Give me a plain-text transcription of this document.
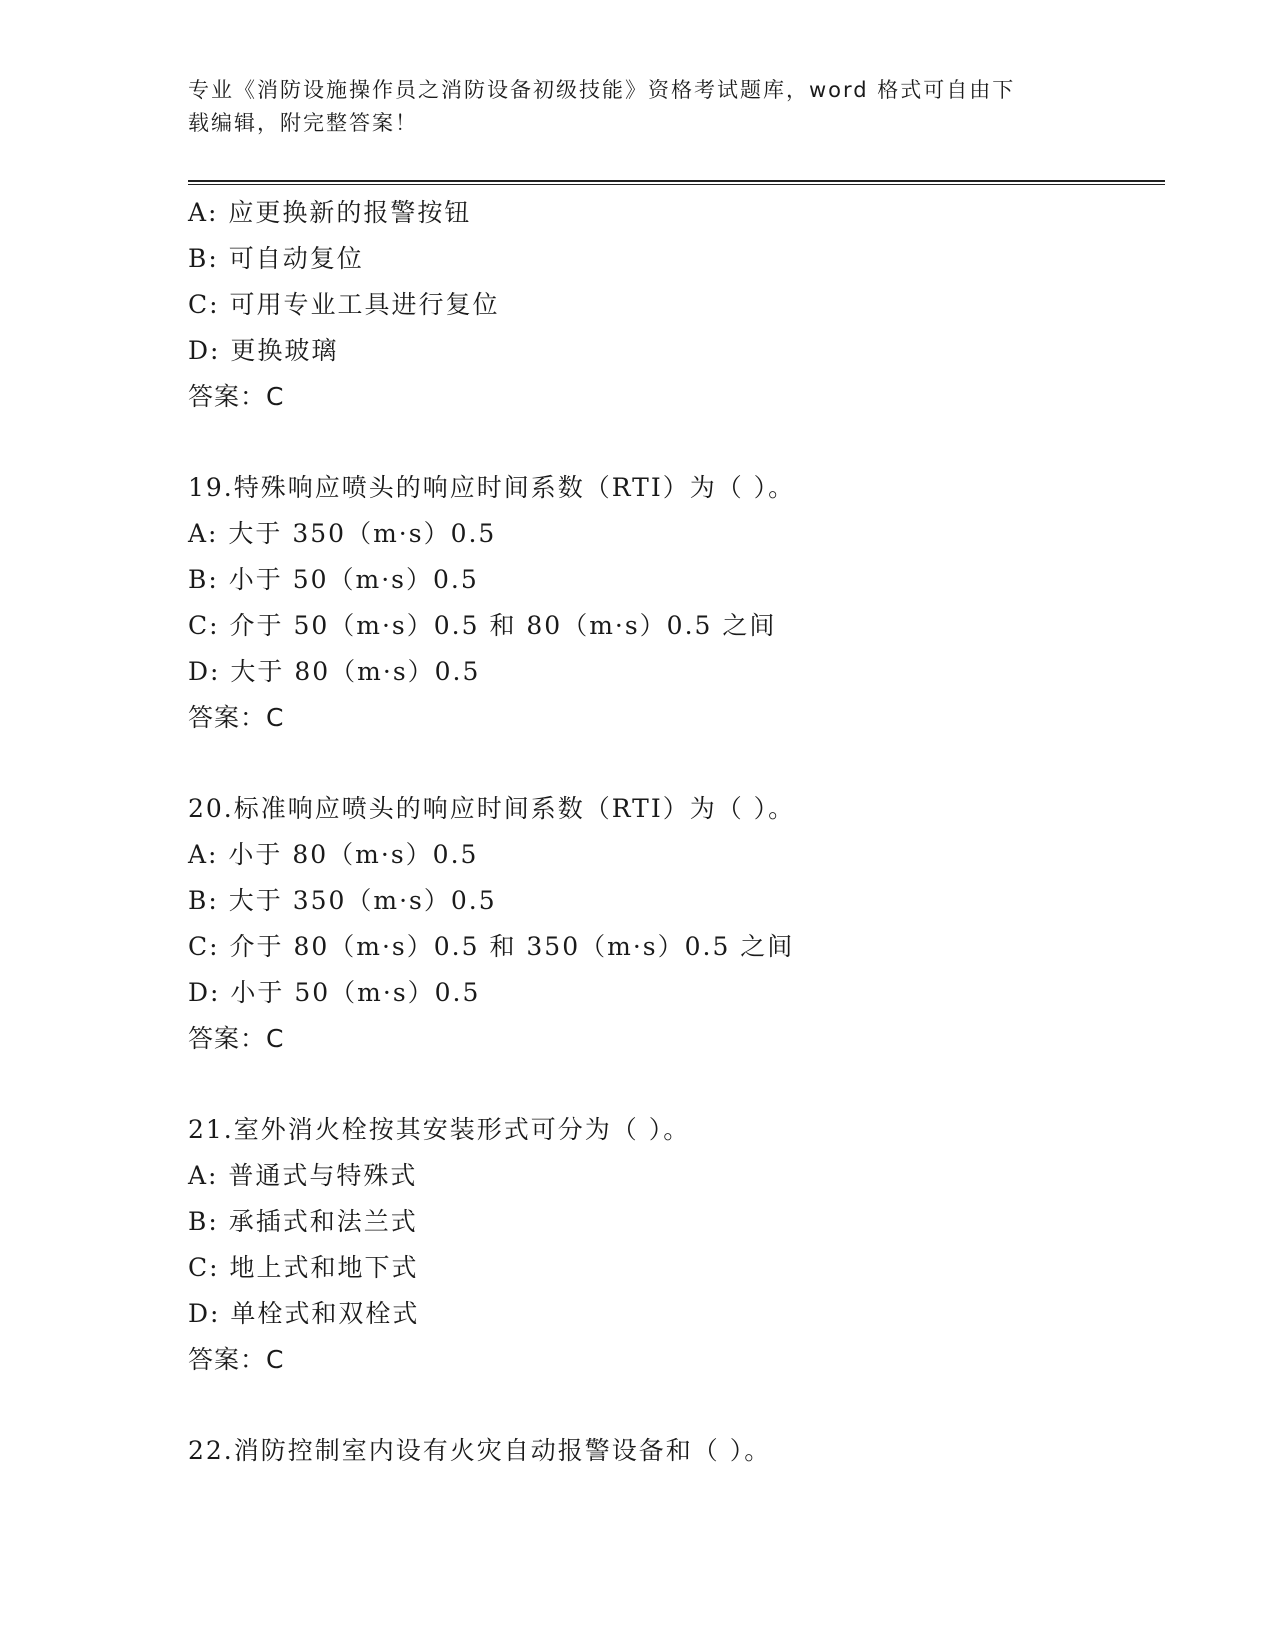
专业《消防设施操作员之消防设备初级技能》资格考试题库，word 格式可自由下
载编辑，附完整答案！
A: 应更换新的报警按钮
B: 可自动复位
C: 可用专业工具进行复位
D: 更换玻璃
答案：C
19.特殊响应喷头的响应时间系数（RTI）为（ ）。
A: 大于 350（m·s）0.5
B: 小于 50（m·s）0.5
C: 介于 50（m·s）0.5 和 80（m·s）0.5 之间
D: 大于 80（m·s）0.5
答案：C
20.标准响应喷头的响应时间系数（RTI）为（ ）。
A: 小于 80（m·s）0.5
B: 大于 350（m·s）0.5
C: 介于 80（m·s）0.5 和 350（m·s）0.5 之间
D: 小于 50（m·s）0.5
答案：C
21.室外消火栓按其安装形式可分为（ ）。
A: 普通式与特殊式
B: 承插式和法兰式
C: 地上式和地下式
D: 单栓式和双栓式
答案：C
22.消防控制室内设有火灾自动报警设备和（ ）。
